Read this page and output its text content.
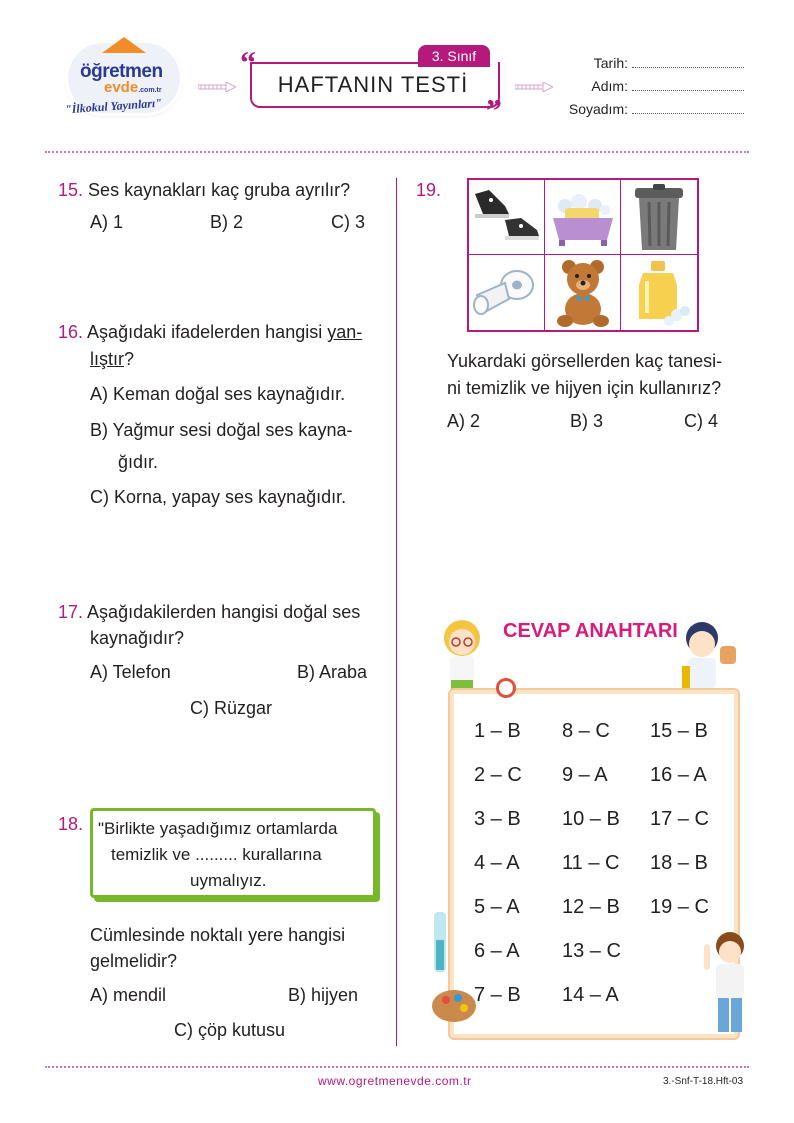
öğretmen
evde.com.tr
"İlkokul Yayınları"
3. Sınıf
HAFTANIN TESTİ
“
”
Tarih:
Adım:
Soyadım:
15. Ses kaynakları kaç gruba ayrılır?
A) 1	B) 2	C) 3
16. Aşağıdaki ifadelerden hangisi yan-
lıştır?
A) Keman doğal ses kaynağıdır.
B) Yağmur sesi doğal ses kayna-
ğıdır.
C) Korna, yapay ses kaynağıdır.
17. Aşağıdakilerden hangisi doğal ses
kaynağıdır?
A) Telefon	B) Araba
C) Rüzgar
18. "Birlikte yaşadığımız ortamlarda
temizlik ve ......... kurallarına
uymalıyız.
Cümlesinde noktalı yere hangisi
gelmelidir?
A) mendil	B) hijyen
C) çöp kutusu
19.
Yukardaki görsellerden kaç tanesi-
ni temizlik ve hijyen için kullanırız?
A) 2	B) 3	C) 4
CEVAP ANAHTARI
1 – B
2 – C
3 – B
4 – A
5 – A
6 – A
7 – B
8 – C
9 – A
10 – B
11 – C
12 – B
13 – C
14 – A
15 – B
16 – A
17 – C
18 – B
19 – C
www.ogretmenevde.com.tr	3.-Snf-T-18.Hft-03
